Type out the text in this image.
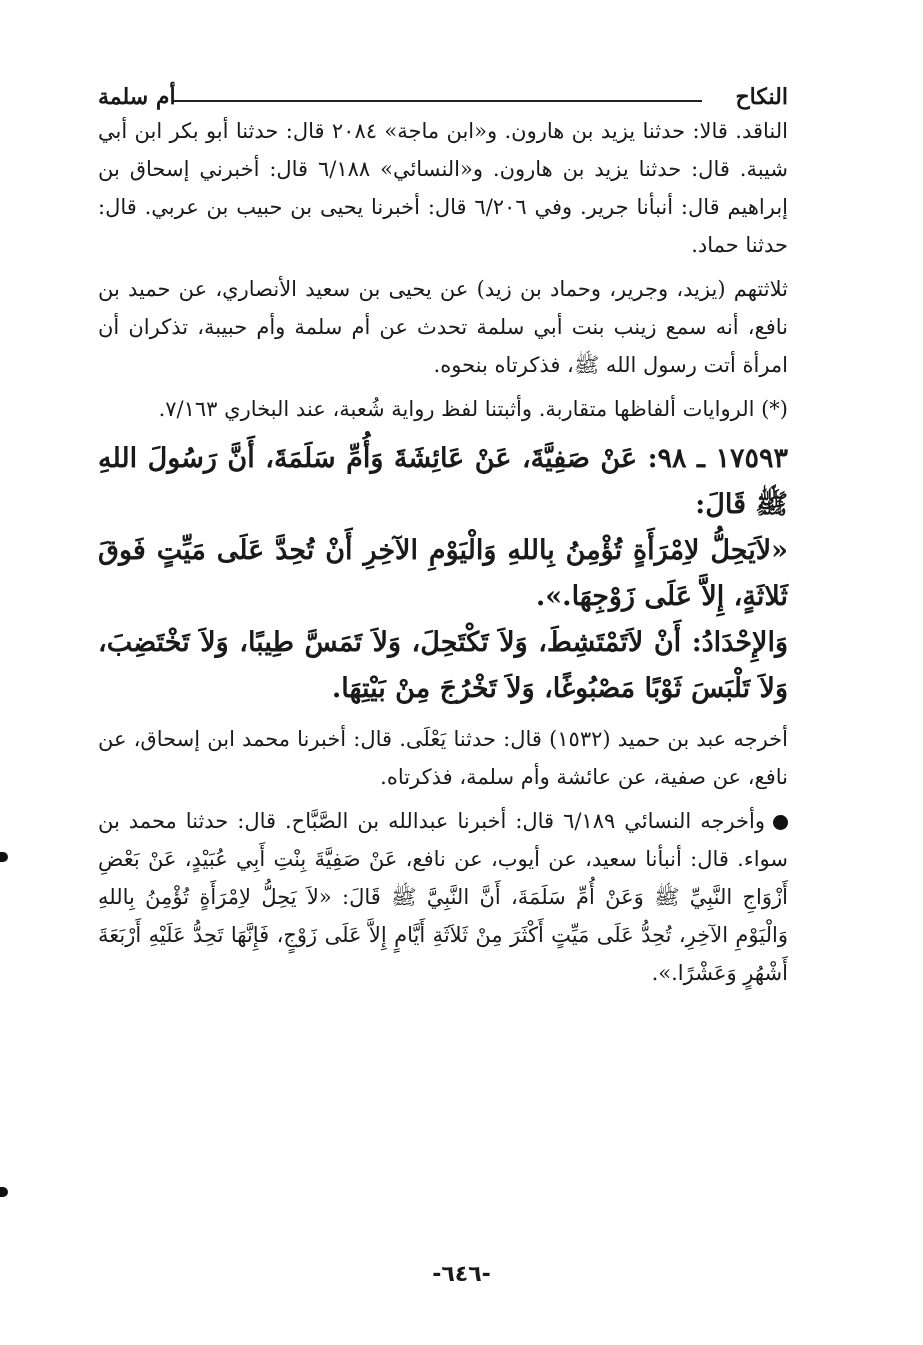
النكاح
أم سلمة

الناقد. قالا: حدثنا يزيد بن هارون. و«ابن ماجة» ٢٠٨٤ قال: حدثنا أبو بكر ابن أبي شيبة. قال: حدثنا يزيد بن هارون. و«النسائي» ٦/١٨٨ قال: أخبرني إسحاق بن إبراهيم قال: أنبأنا جرير. وفي ٦/٢٠٦ قال: أخبرنا يحيى بن حبيب بن عربي. قال: حدثنا حماد.

ثلاثتهم (يزيد، وجرير، وحماد بن زيد) عن يحيى بن سعيد الأنصاري، عن حميد بن نافع، أنه سمع زينب بنت أبي سلمة تحدث عن أم سلمة وأم حبيبة، تذكران أن امرأة أتت رسول الله ﷺ، فذكرتاه بنحوه.

(*) الروايات ألفاظها متقاربة. وأثبتنا لفظ رواية شُعبة، عند البخاري ٧/١٦٣.

١٧٥٩٣ ـ ٩٨: عَنْ صَفِيَّةَ، عَنْ عَائِشَةَ وَأُمِّ سَلَمَةَ، أَنَّ رَسُولَ اللهِ ﷺ قَالَ:

«لاَيَحِلُّ لاِمْرَأَةٍ تُؤْمِنُ بِاللهِ وَالْيَوْمِ الآخِرِ أَنْ تُحِدَّ عَلَى مَيِّتٍ فَوقَ ثَلاثَةٍ، إِلاَّ عَلَى زَوْجِهَا.».

وَالإِحْدَادُ: أَنْ لاَتَمْتَشِطَ، وَلاَ تَكْتَحِلَ، وَلاَ تَمَسَّ طِيبًا، وَلاَ تَخْتَضِبَ، وَلاَ تَلْبَسَ ثَوْبًا مَصْبُوغًا، وَلاَ تَخْرُجَ مِنْ بَيْتِهَا.

أخرجه عبد بن حميد (١٥٣٢) قال: حدثنا يَعْلَى. قال: أخبرنا محمد ابن إسحاق، عن نافع، عن صفية، عن عائشة وأم سلمة، فذكرتاه.

وأخرجه النسائي ٦/١٨٩ قال: أخبرنا عبدالله بن الصَّبَّاح. قال: حدثنا محمد بن سواء. قال: أنبأنا سعيد، عن أيوب، عن نافع، عَنْ صَفِيَّةَ بِنْتِ أَبِي عُبَيْدٍ، عَنْ بَعْضِ أَزْوَاجِ النَّبِيِّ ﷺ وَعَنْ أُمِّ سَلَمَةَ، أَنَّ النَّبِيَّ ﷺ قَالَ: «لاَ يَحِلُّ لاِمْرَأَةٍ تُؤْمِنُ بِاللهِ وَالْيَوْمِ الآخِرِ، تُحِدُّ عَلَى مَيِّتٍ أَكْثَرَ مِنْ ثَلاَثَةِ أَيَّامٍ إِلاَّ عَلَى زَوْجٍ، فَإِنَّهَا تَحِدُّ عَلَيْهِ أَرْبَعَةَ أَشْهُرٍ وَعَشْرًا.».

-٦٤٦-
